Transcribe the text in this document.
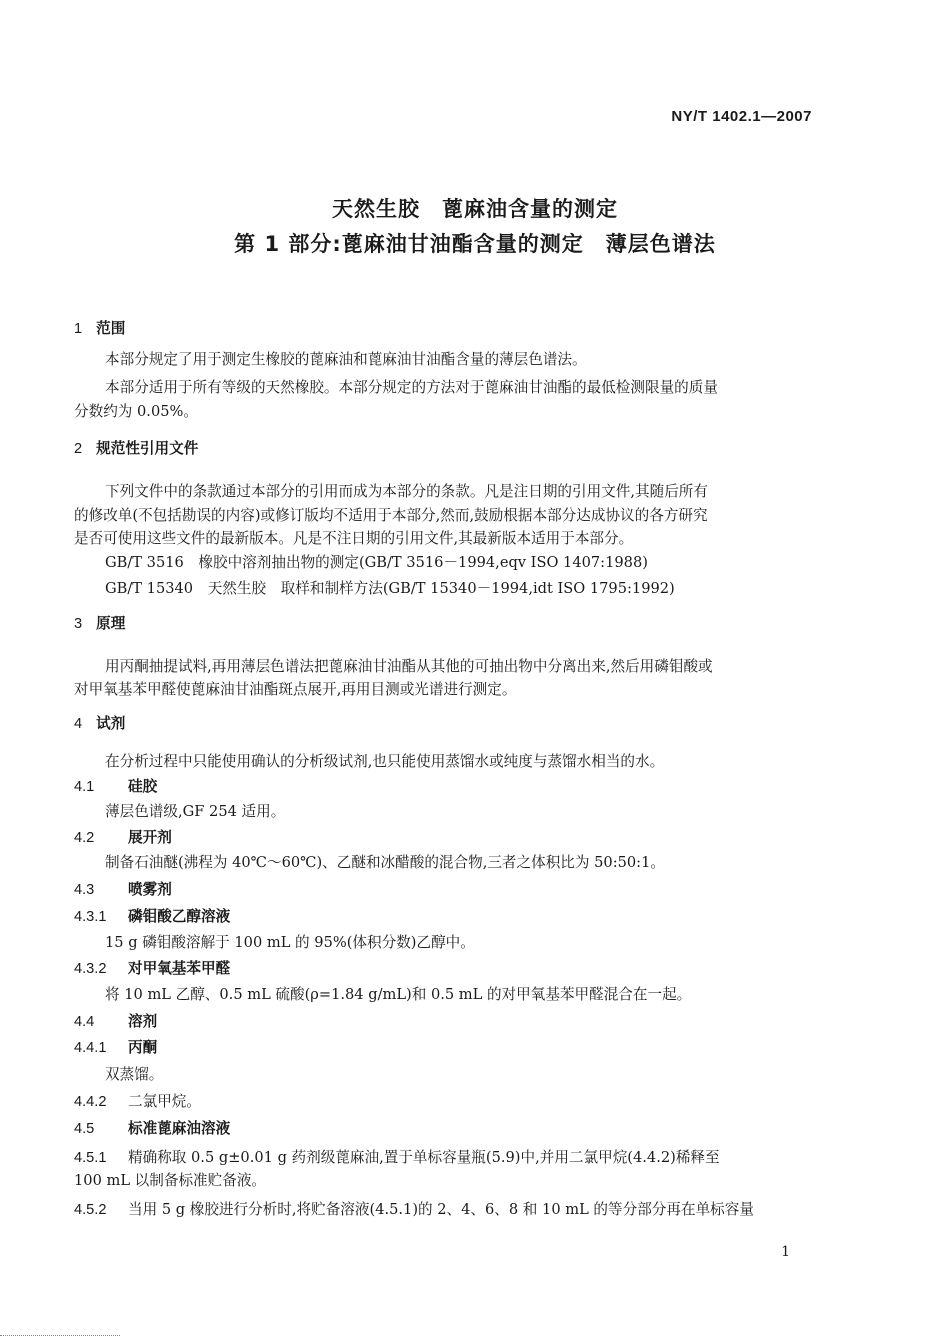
NY/T 1402.1—2007
天然生胶　蓖麻油含量的测定
第 1 部分:蓖麻油甘油酯含量的测定　薄层色谱法
1 范围
本部分规定了用于测定生橡胶的蓖麻油和蓖麻油甘油酯含量的薄层色谱法。
本部分适用于所有等级的天然橡胶。本部分规定的方法对于蓖麻油甘油酯的最低检测限量的质量
分数约为 0.05%。
2 规范性引用文件
下列文件中的条款通过本部分的引用而成为本部分的条款。凡是注日期的引用文件,其随后所有
的修改单(不包括勘误的内容)或修订版均不适用于本部分,然而,鼓励根据本部分达成协议的各方研究
是否可使用这些文件的最新版本。凡是不注日期的引用文件,其最新版本适用于本部分。
GB/T 3516　橡胶中溶剂抽出物的测定(GB/T 3516－1994,eqv ISO 1407:1988)
GB/T 15340　天然生胶　取样和制样方法(GB/T 15340－1994,idt ISO 1795:1992)
3 原理
用丙酮抽提试料,再用薄层色谱法把蓖麻油甘油酯从其他的可抽出物中分离出来,然后用磷钼酸或
对甲氧基苯甲醛使蓖麻油甘油酯斑点展开,再用目测或光谱进行测定。
4 试剂
在分析过程中只能使用确认的分析级试剂,也只能使用蒸馏水或纯度与蒸馏水相当的水。
4.1 硅胶
薄层色谱级,GF 254 适用。
4.2 展开剂
制备石油醚(沸程为 40℃～60℃)、乙醚和冰醋酸的混合物,三者之体积比为 50:50:1。
4.3 喷雾剂
4.3.1 磷钼酸乙醇溶液
15 g 磷钼酸溶解于 100 mL 的 95%(体积分数)乙醇中。
4.3.2 对甲氧基苯甲醛
将 10 mL 乙醇、0.5 mL 硫酸(ρ=1.84 g/mL)和 0.5 mL 的对甲氧基苯甲醛混合在一起。
4.4 溶剂
4.4.1 丙酮
双蒸馏。
4.4.2 二氯甲烷。
4.5 标准蓖麻油溶液
4.5.1 精确称取 0.5 g±0.01 g 药剂级蓖麻油,置于单标容量瓶(5.9)中,并用二氯甲烷(4.4.2)稀释至
100 mL 以制备标准贮备液。
4.5.2 当用 5 g 橡胶进行分析时,将贮备溶液(4.5.1)的 2、4、6、8 和 10 mL 的等分部分再在单标容量
1
